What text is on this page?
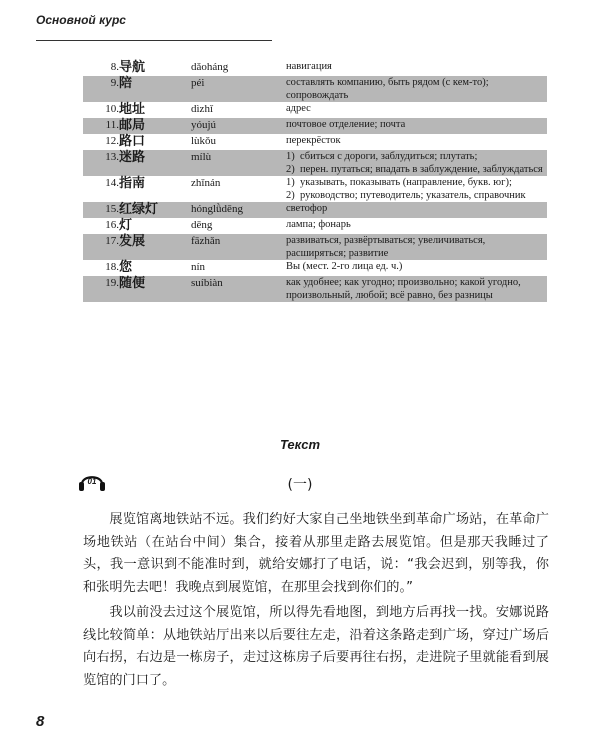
Основной курс
8.	导航	dǎoháng	навигация

9.	陪	péi	составлять компанию, быть рядом (с кем-то); сопровождать

10.	地址	dìzhǐ	адрес

11.	邮局	yóujú	почтовое отделение; почта

12.	路口	lùkǒu	перекрёсток

13.	迷路	mílù	1) сбиться с дороги, заблудиться; плутать;
2) перен. путаться; впадать в заблуждение, заблуждаться

14.	指南	zhǐnán	1) указывать, показывать (направление, букв. юг);
2) руководство; путеводитель; указатель, справочник

15.	红绿灯	hónglǜdēng	светофор

16.	灯	dēng	лампа; фонарь

17.	发展	fāzhǎn	развиваться, развёртываться; увеличиваться, расширяться; развитие

18.	您	nín	Вы (мест. 2-го лица ед. ч.)

19.	随便	suíbiàn	как удобнее; как угодно; произвольно; какой угодно, произвольный, любой; всё равно, без разницы
Текст
01	(一)

展览馆离地铁站不远。我们约好大家自己坐地铁坐到革命广场站，在革命广场地铁站（在站台中间）集合，接着从那里走路去展览馆。但是那天我睡过了头，我一意识到不能准时到，就给安娜打了电话，说：“我会迟到，别等我，你和张明先去吧！我晚点到展览馆，在那里会找到你们的。”

我以前没去过这个展览馆，所以得先看地图，到地方后再找一找。安娜说路线比较简单：从地铁站厅出来以后要往左走，沿着这条路走到广场，穿过广场后向右拐，右边是一栋房子，走过这栋房子后要再往右拐，走进院子里就能看到展览馆的门口了。

8
